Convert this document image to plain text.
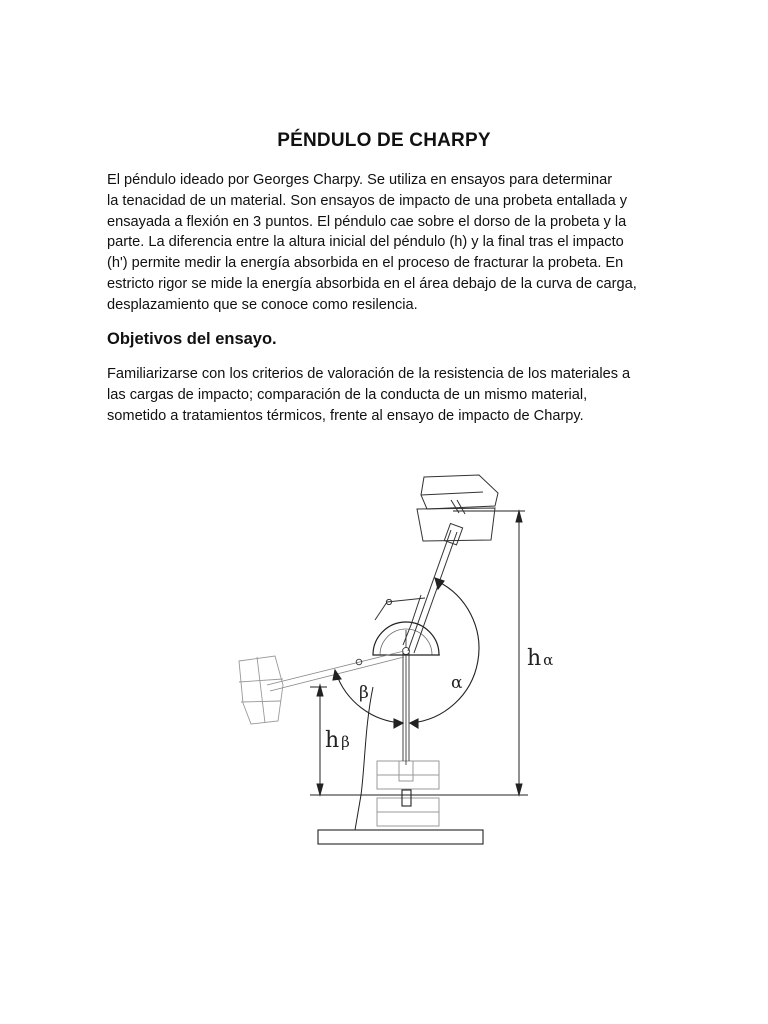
PÉNDULO DE CHARPY
El péndulo ideado por Georges Charpy. Se utiliza en ensayos para determinar
la tenacidad de un material. Son ensayos de impacto de una probeta entallada y
ensayada a flexión en 3 puntos. El péndulo cae sobre el dorso de la probeta y la
parte. La diferencia entre la altura inicial del péndulo (h) y la final tras el impacto
(h') permite medir la energía absorbida en el proceso de fracturar la probeta. En
estricto rigor se mide la energía absorbida en el área debajo de la curva de carga,
desplazamiento que se conoce como resilencia.
Objetivos del ensayo.
Familiarizarse con los criterios de valoración de la resistencia de los materiales a
las cargas de impacto; comparación de la conducta de un mismo material,
sometido a tratamientos térmicos, frente al ensayo de impacto de Charpy.
α
β
h α
h β
